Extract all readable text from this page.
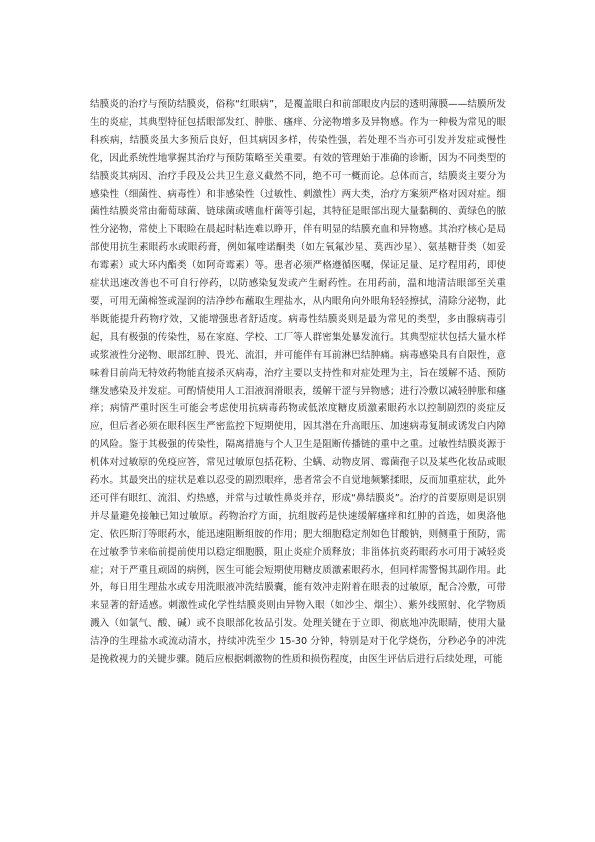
结膜炎的治疗与预防结膜炎，俗称“红眼病”，是覆盖眼白和前部眼皮内层的透明薄膜——结膜所发生的炎症，其典型特征包括眼部发红、肿胀、瘙痒、分泌物增多及异物感。作为一种极为常见的眼科疾病，结膜炎虽大多预后良好，但其病因多样，传染性强，若处理不当亦可引发并发症或慢性化，因此系统性地掌握其治疗与预防策略至关重要。有效的管理始于准确的诊断，因为不同类型的结膜炎其病因、治疗手段及公共卫生意义截然不同，绝不可一概而论。总体而言，结膜炎主要分为感染性（细菌性、病毒性）和非感染性（过敏性、刺激性）两大类，治疗方案须严格对因对症。细菌性结膜炎常由葡萄球菌、链球菌或嗜血杆菌等引起，其特征是眼部出现大量黏稠的、黄绿色的脓性分泌物，常使上下眼睑在晨起时粘连难以睁开，伴有明显的结膜充血和异物感。其治疗核心是局部使用抗生素眼药水或眼药膏，例如氟喹诺酮类（如左氧氟沙星、莫西沙星）、氨基糖苷类（如妥布霉素）或大环内酯类（如阿奇霉素）等。患者必须严格遵循医嘱，保证足量、足疗程用药，即使症状迅速改善也不可自行停药，以防感染复发或产生耐药性。在用药前，温和地清洁眼部至关重要，可用无菌棉签或湿润的洁净纱布蘸取生理盐水，从内眼角向外眼角轻轻擦拭，清除分泌物，此举既能提升药物疗效，又能增强患者舒适度。病毒性结膜炎则是最为常见的类型，多由腺病毒引起，具有极强的传染性，易在家庭、学校、工厂等人群密集处暴发流行。其典型症状包括大量水样或浆液性分泌物、眼部红肿、畏光、流泪，并可能伴有耳前淋巴结肿痛。病毒感染具有自限性，意味着目前尚无特效药物能直接杀灭病毒，治疗主要以支持性和对症处理为主，旨在缓解不适、预防继发感染及并发症。可酌情使用人工泪液润滑眼表，缓解干涩与异物感；进行冷敷以减轻肿胀和瘙痒；病情严重时医生可能会考虑使用抗病毒药物或低浓度糖皮质激素眼药水以控制剧烈的炎症反应，但后者必须在眼科医生严密监控下短期使用，因其潜在升高眼压、加速病毒复制或诱发白内障的风险。鉴于其极强的传染性，隔离措施与个人卫生是阻断传播链的重中之重。过敏性结膜炎源于机体对过敏原的免疫应答，常见过敏原包括花粉、尘螨、动物皮屑、霉菌孢子以及某些化妆品或眼药水。其最突出的症状是难以忍受的剧烈眼痒，患者常会不自觉地频繁揉眼，反而加重症状，此外还可伴有眼红、流泪、灼热感，并常与过敏性鼻炎并存，形成“鼻结膜炎”。治疗的首要原则是识别并尽量避免接触已知过敏原。药物治疗方面，抗组胺药是快速缓解瘙痒和红肿的首选，如奥洛他定、依匹斯汀等眼药水，能迅速阻断组胺的作用；肥大细胞稳定剂如色甘酸钠，则侧重于预防，需在过敏季节来临前提前使用以稳定细胞膜，阻止炎症介质释放；非甾体抗炎药眼药水可用于减轻炎症；对于严重且顽固的病例，医生可能会短期使用糖皮质激素眼药水，但同样需警惕其副作用。此外，每日用生理盐水或专用洗眼液冲洗结膜囊，能有效冲走附着在眼表的过敏原，配合冷敷，可带来显著的舒适感。刺激性或化学性结膜炎则由异物入眼（如沙尘、烟尘）、紫外线照射、化学物质溅入（如氯气、酸、碱）或不良眼部化妆品引发。处理关键在于立即、彻底地冲洗眼睛，使用大量洁净的生理盐水或流动清水，持续冲洗至少 15-30 分钟，特别是对于化学烧伤，分秒必争的冲洗是挽救视力的关键步骤。随后应根据刺激物的性质和损伤程度，由医生评估后进行后续处理，可能
